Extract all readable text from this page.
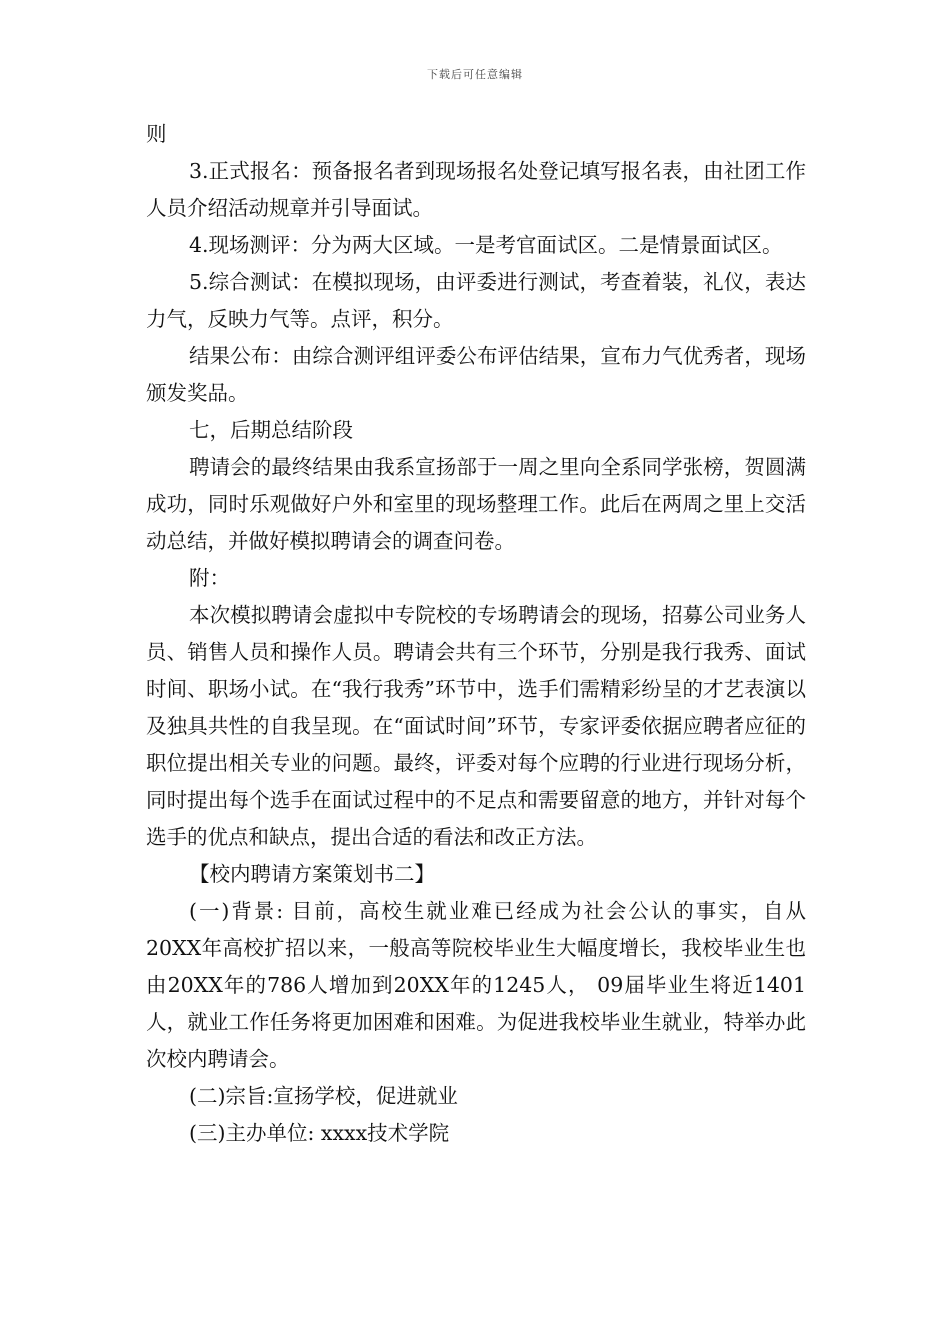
下载后可任意编辑

则

3.正式报名：预备报名者到现场报名处登记填写报名表，由社团工作人员介绍活动规章并引导面试。

4.现场测评：分为两大区域。一是考官面试区。二是情景面试区。

5.综合测试：在模拟现场，由评委进行测试，考查着装，礼仪，表达力气，反映力气等。点评，积分。

结果公布：由综合测评组评委公布评估结果，宣布力气优秀者，现场颁发奖品。

七，后期总结阶段

聘请会的最终结果由我系宣扬部于一周之里向全系同学张榜，贺圆满成功，同时乐观做好户外和室里的现场整理工作。此后在两周之里上交活动总结，并做好模拟聘请会的调查问卷。

附：

本次模拟聘请会虚拟中专院校的专场聘请会的现场，招募公司业务人员、销售人员和操作人员。聘请会共有三个环节，分别是我行我秀、面试时间、职场小试。在“我行我秀”环节中，选手们需精彩纷呈的才艺表演以及独具共性的自我呈现。在“面试时间”环节，专家评委依据应聘者应征的职位提出相关专业的问题。最终，评委对每个应聘的行业进行现场分析，同时提出每个选手在面试过程中的不足点和需要留意的地方，并针对每个选手的优点和缺点，提出合适的看法和改正方法。

【校内聘请方案策划书二】

(一)背景: 目前，高校生就业难已经成为社会公认的事实，自从20XX年高校扩招以来，一般高等院校毕业生大幅度增长，我校毕业生也由20XX年的786人增加到20XX年的1245人， 09届毕业生将近1401人，就业工作任务将更加困难和困难。为促进我校毕业生就业，特举办此次校内聘请会。

(二)宗旨:宣扬学校，促进就业

(三)主办单位: xxxx技术学院
